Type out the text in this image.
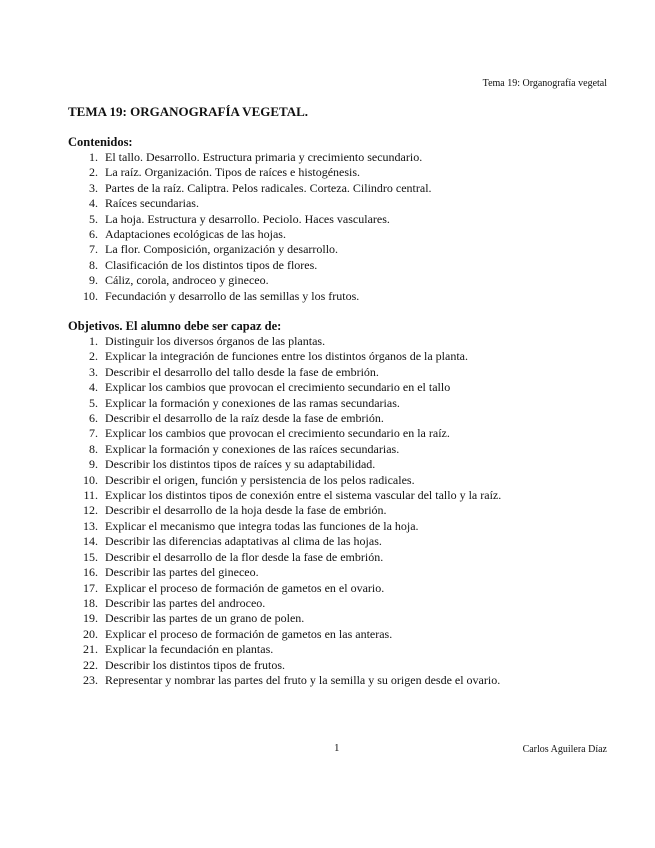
Tema 19: Organografía vegetal
TEMA 19: ORGANOGRAFÍA VEGETAL.

Contenidos:

1. El tallo. Desarrollo. Estructura primaria y crecimiento secundario.
2. La raíz. Organización. Tipos de raíces e histogénesis.
3. Partes de la raíz. Caliptra. Pelos radicales. Corteza. Cilindro central.
4. Raíces secundarias.
5. La hoja. Estructura y desarrollo. Peciolo. Haces vasculares.
6. Adaptaciones ecológicas de las hojas.
7. La flor. Composición, organización y desarrollo.
8. Clasificación de los distintos tipos de flores.
9. Cáliz, corola, androceo y gineceo.
10. Fecundación y desarrollo de las semillas y los frutos.

Objetivos. El alumno debe ser capaz de:

1. Distinguir los diversos órganos de las plantas.
2. Explicar la integración de funciones entre los distintos órganos de la planta.
3. Describir el desarrollo del tallo desde la fase de embrión.
4. Explicar los cambios que provocan el crecimiento secundario en el tallo
5. Explicar la formación y conexiones de las ramas secundarias.
6. Describir el desarrollo de la raíz desde la fase de embrión.
7. Explicar los cambios que provocan el crecimiento secundario en la raíz.
8. Explicar la formación y conexiones de las raíces secundarias.
9. Describir los distintos tipos de raíces y su adaptabilidad.
10. Describir el origen, función y persistencia de los pelos radicales.
11. Explicar los distintos tipos de conexión entre el sistema vascular del tallo y la raíz.
12. Describir el desarrollo de la hoja desde la fase de embrión.
13. Explicar el mecanismo que integra todas las funciones de la hoja.
14. Describir las diferencias adaptativas al clima de las hojas.
15. Describir el desarrollo de la flor desde la fase de embrión.
16. Describir las partes del gineceo.
17. Explicar el proceso de formación de gametos en el ovario.
18. Describir las partes del androceo.
19. Describir las partes de un grano de polen.
20. Explicar el proceso de formación de gametos en las anteras.
21. Explicar la fecundación en plantas.
22. Describir los distintos tipos de frutos.
23. Representar y nombrar las partes del fruto y la semilla y su origen desde el ovario.
1	Carlos Aguilera Díaz
